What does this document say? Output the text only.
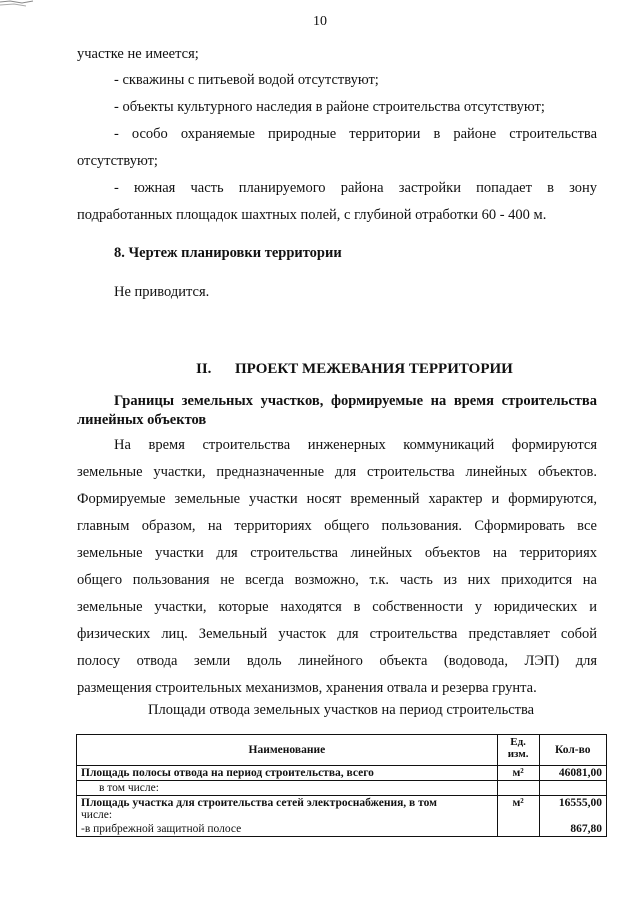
10
участке не имеется;
- скважины с питьевой водой отсутствуют;
- объекты культурного наследия в районе строительства отсутствуют;
- особо охраняемые природные территории в районе строительства
отсутствуют;
- южная часть планируемого района застройки попадает в зону
подработанных площадок шахтных полей, с глубиной отработки 60 - 400 м.
8. Чертеж планировки территории
Не приводится.
II. ПРОЕКТ МЕЖЕВАНИЯ ТЕРРИТОРИИ
Границы земельных участков, формируемые на время строительства
линейных объектов
На время строительства инженерных коммуникаций формируются
земельные участки, предназначенные для строительства линейных объектов.
Формируемые земельные участки носят временный характер и формируются,
главным образом, на территориях общего пользования. Сформировать все
земельные участки для строительства линейных объектов на территориях
общего пользования не всегда возможно, т.к. часть из них приходится на
земельные участки, которые находятся в собственности у юридических и
физических лиц. Земельный участок для строительства представляет собой
полосу отвода земли вдоль линейного объекта (водовода, ЛЭП) для
размещения строительных механизмов, хранения отвала и резерва грунта.
Площади отвода земельных участков на период строительства
Наименование	Ед. изм.	Кол-во
Площадь полосы отвода на период строительства, всего	м²	46081,00
в том числе:		

Площадь участка для строительства сетей электроснабжения, в том
числе:	м²	16555,00
-в прибрежной защитной полосе		867,80
